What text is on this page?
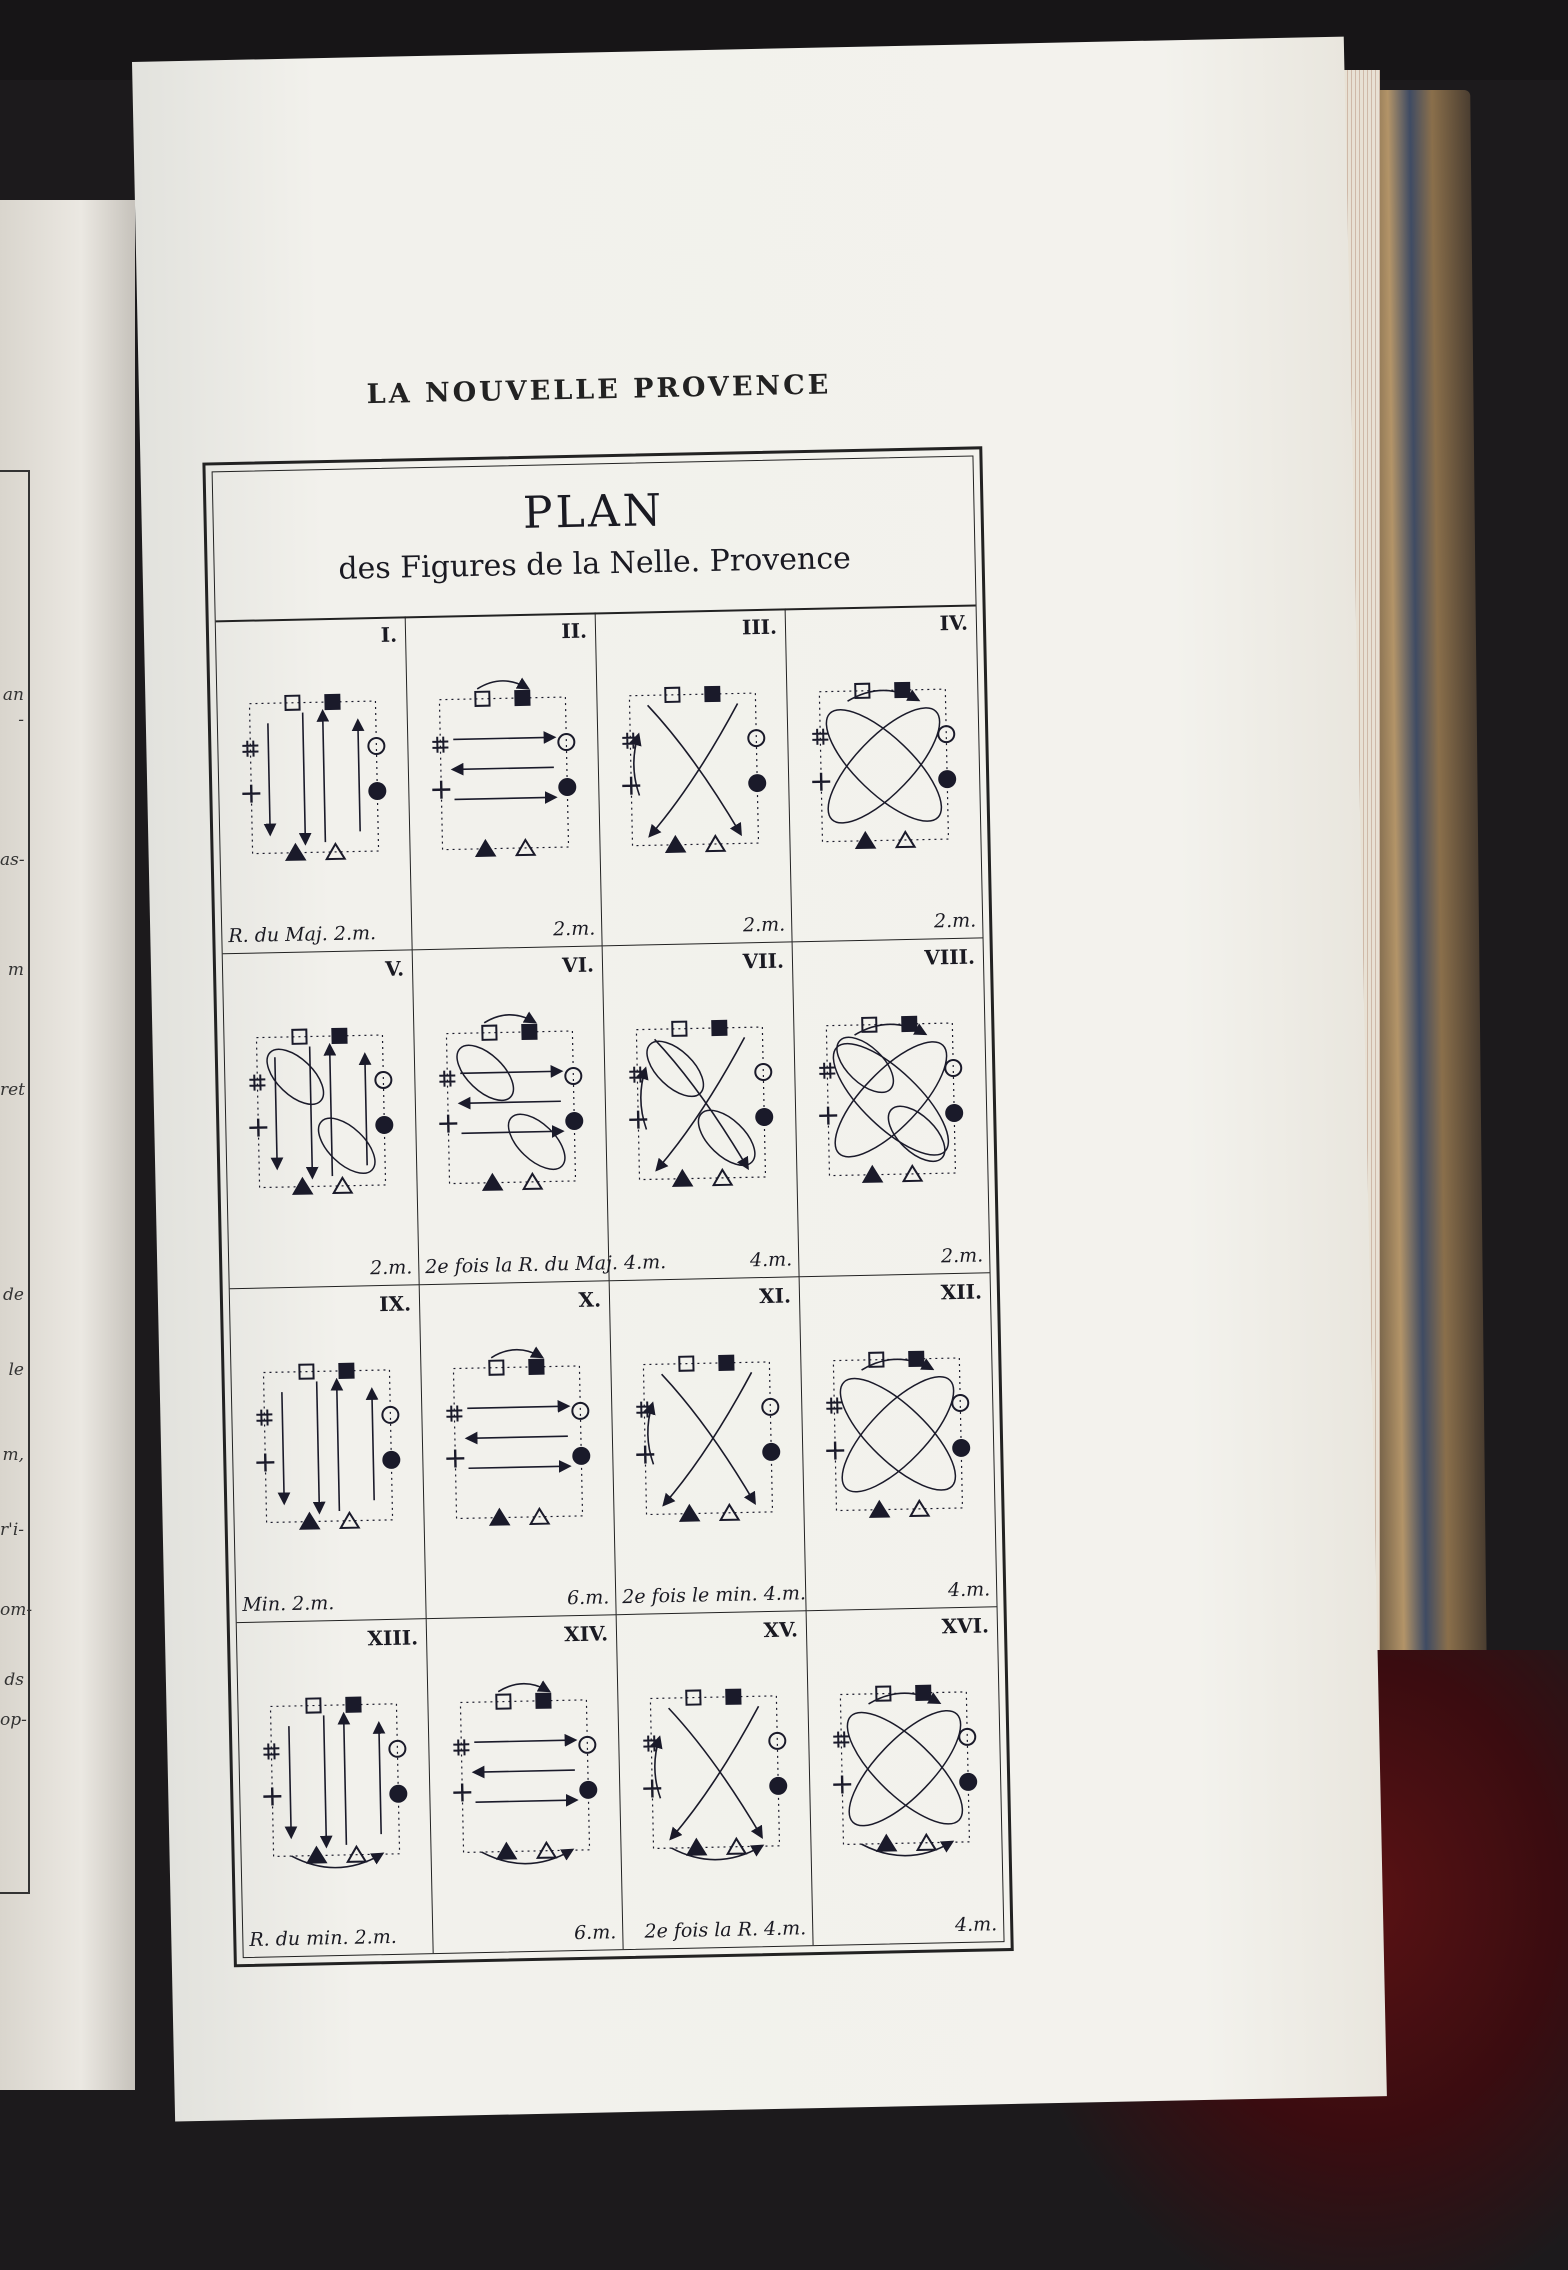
an
-
as-
m
ret
de
le
m,
r'i-
om-
ds
op-
LA NOUVELLE PROVENCE
PLAN
des Figures de la Nelle. Provence
I.
R. du Maj. 2.m.
II.
2.m.
III.
2.m.
IV.
2.m.
V.
2.m.
VI.
2e fois la R. du Maj. 4.m.
VII.
4.m.
VIII.
2.m.
IX.
Min. 2.m.
X.
6.m.
XI.
2e fois le min. 4.m.
XII.
4.m.
XIII.
R. du min. 2.m.
XIV.
6.m.
XV.
2e fois la R. 4.m.
XVI.
4.m.
